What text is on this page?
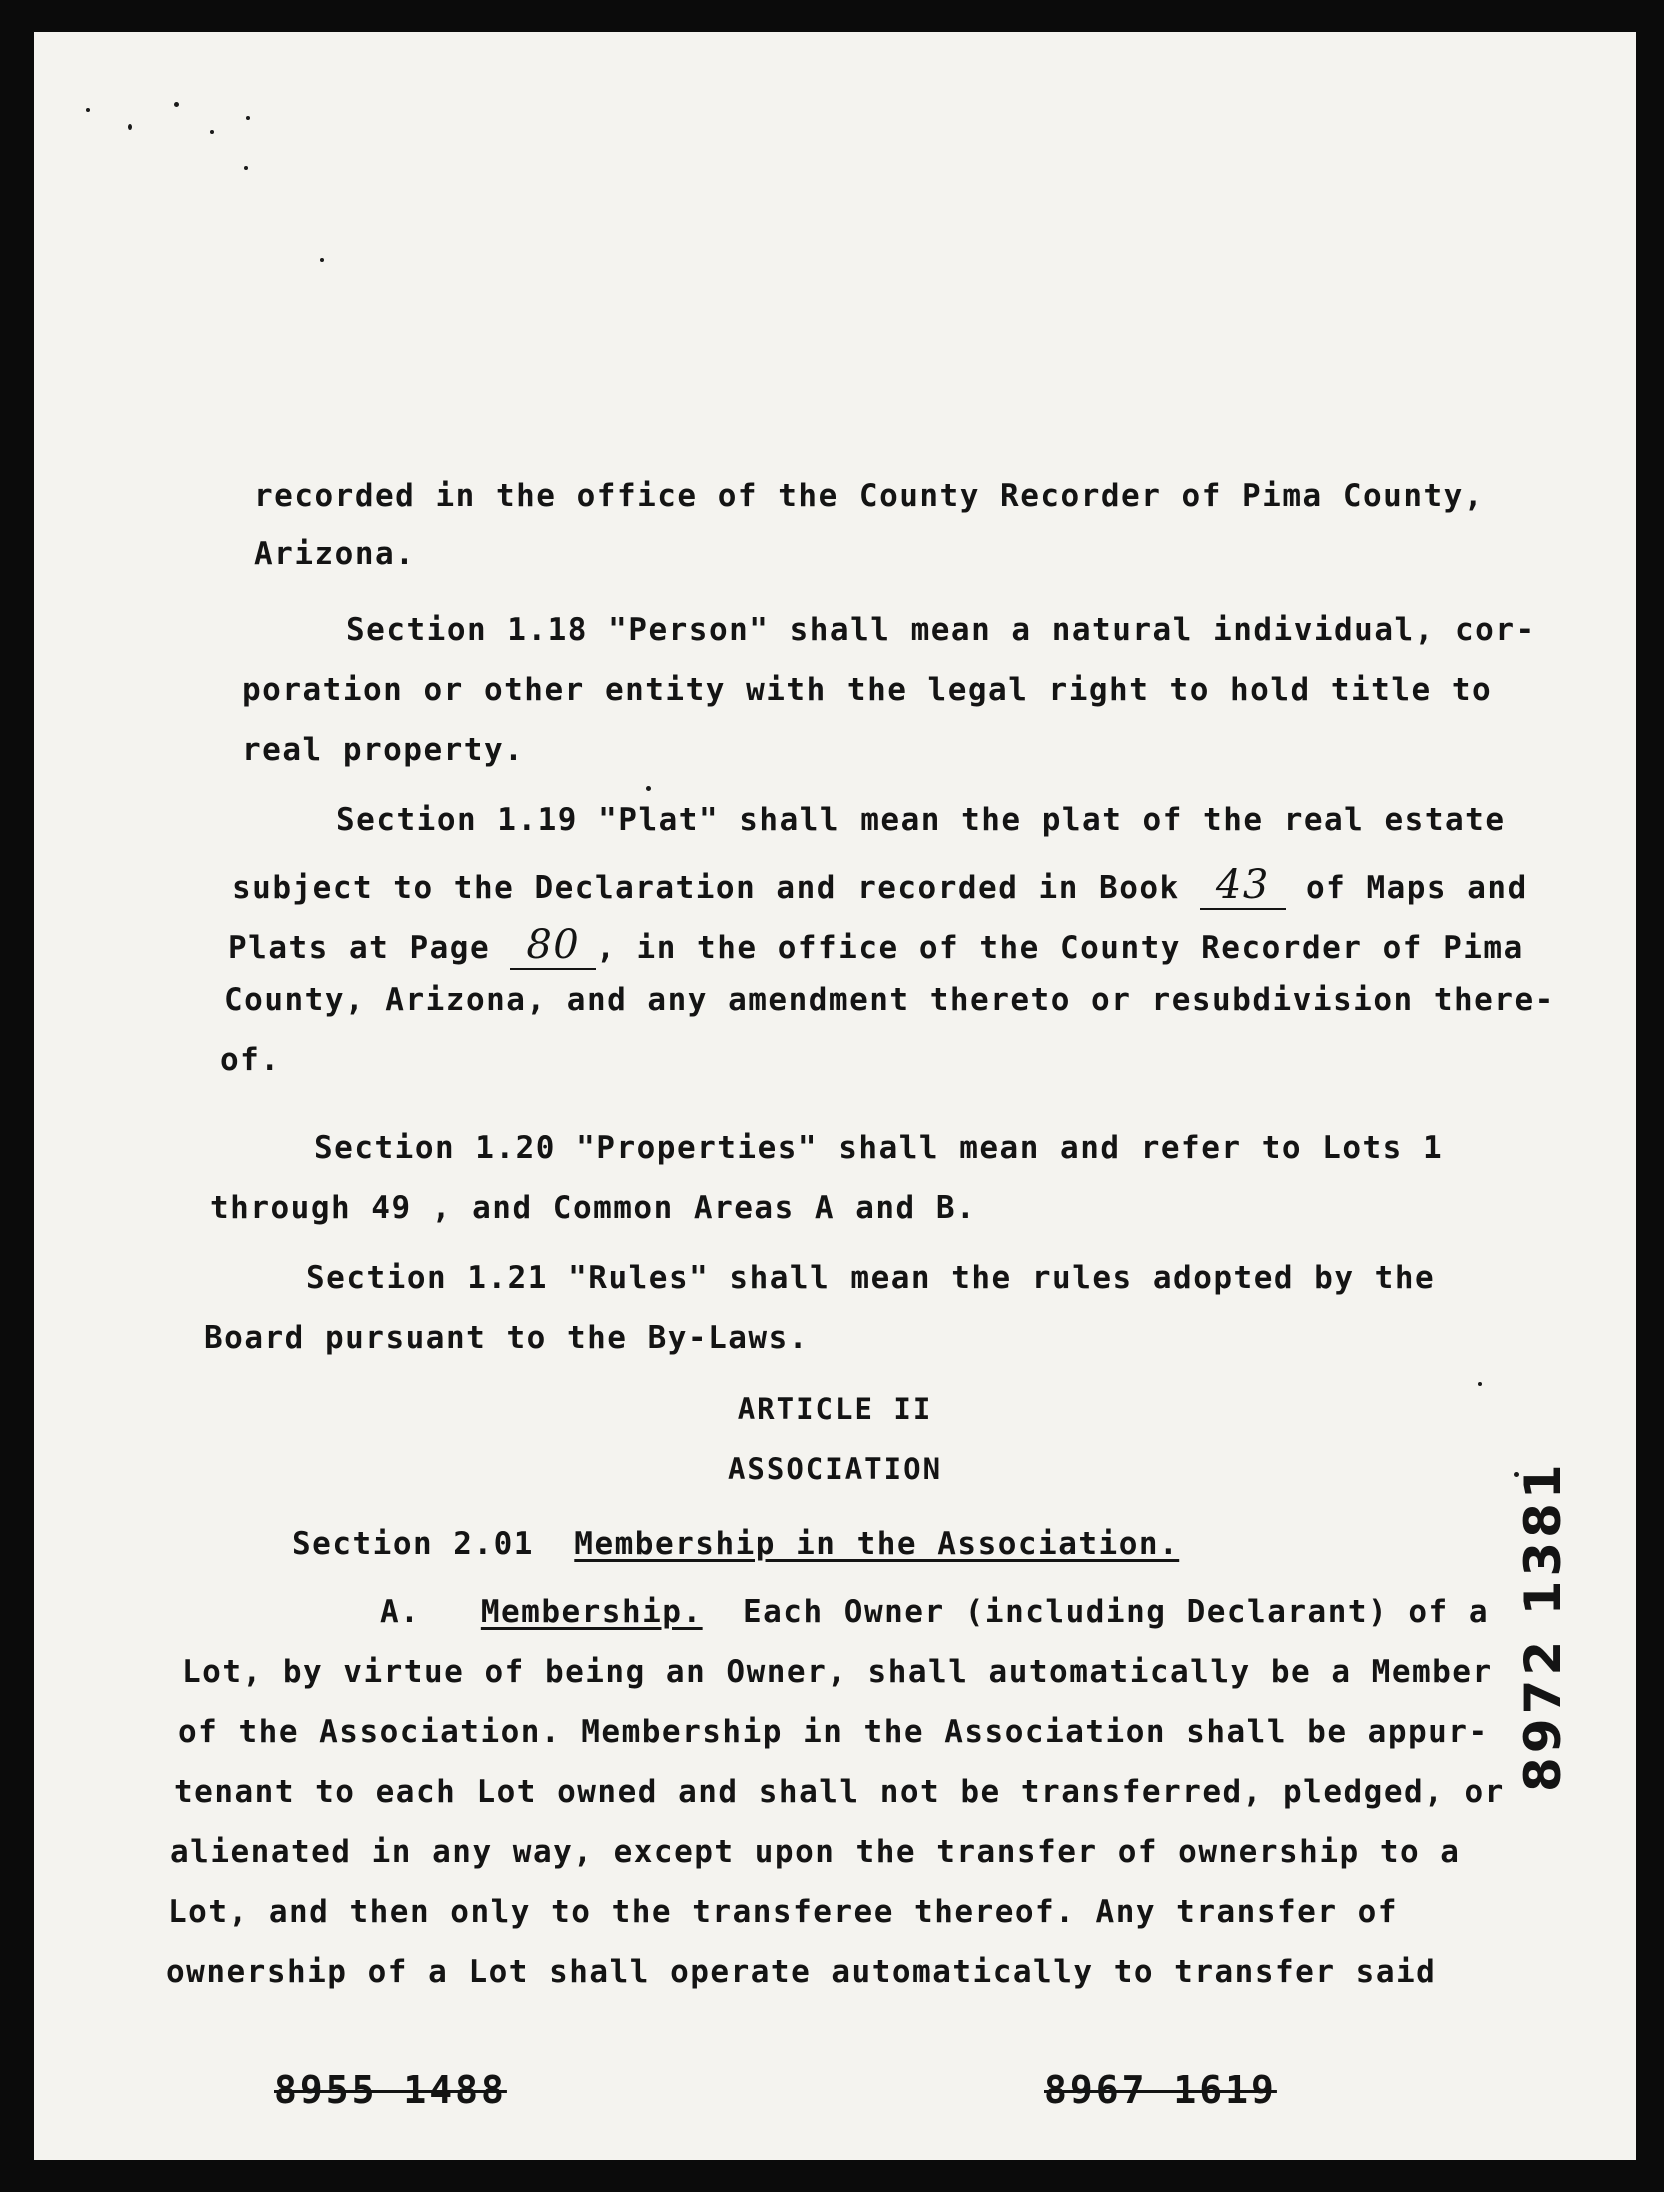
recorded in the office of the County Recorder of Pima County,
Arizona.
Section 1.18 "Person" shall mean a natural individual, cor-
poration or other entity with the legal right to hold title to
real property.
Section 1.19 "Plat" shall mean the plat of the real estate
subject to the Declaration and recorded in Book 43 of Maps and
Plats at Page 80 , in the office of the County Recorder of Pima
County, Arizona, and any amendment thereto or resubdivision there-
of.
Section 1.20 "Properties" shall mean and refer to Lots 1
through 49 , and Common Areas A and B.
Section 1.21 "Rules" shall mean the rules adopted by the
Board pursuant to the By-Laws.
ARTICLE II
ASSOCIATION
Section 2.01 Membership in the Association.
A. Membership. Each Owner (including Declarant) of a
Lot, by virtue of being an Owner, shall automatically be a Member
of the Association. Membership in the Association shall be appur-
tenant to each Lot owned and shall not be transferred, pledged, or
alienated in any way, except upon the transfer of ownership to a
Lot, and then only to the transferee thereof. Any transfer of
ownership of a Lot shall operate automatically to transfer said
8972 1381
8955 1488	8967 1619
